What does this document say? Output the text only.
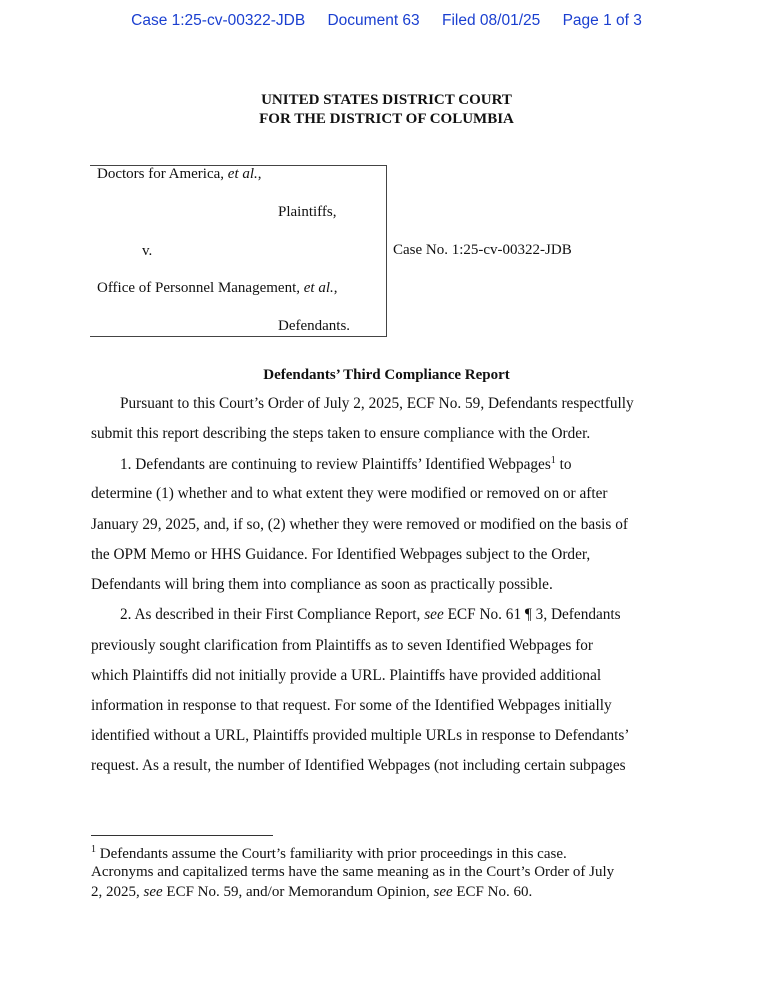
Case 1:25-cv-00322-JDB Document 63 Filed 08/01/25 Page 1 of 3
UNITED STATES DISTRICT COURT
FOR THE DISTRICT OF COLUMBIA
Doctors for America, et al.,
Plaintiffs,
v.
Office of Personnel Management, et al.,
Defendants.
Case No. 1:25-cv-00322-JDB
Defendants’ Third Compliance Report
Pursuant to this Court’s Order of July 2, 2025, ECF No. 59, Defendants respectfully
submit this report describing the steps taken to ensure compliance with the Order.
1. Defendants are continuing to review Plaintiffs’ Identified Webpages$^1$ to
determine (1) whether and to what extent they were modified or removed on or after
January 29, 2025, and, if so, (2) whether they were removed or modified on the basis of
the OPM Memo or HHS Guidance. For Identified Webpages subject to the Order,
Defendants will bring them into compliance as soon as practically possible.
2. As described in their First Compliance Report, see ECF No. 61 ¶ 3, Defendants
previously sought clarification from Plaintiffs as to seven Identified Webpages for
which Plaintiffs did not initially provide a URL. Plaintiffs have provided additional
information in response to that request. For some of the Identified Webpages initially
identified without a URL, Plaintiffs provided multiple URLs in response to Defendants’
request. As a result, the number of Identified Webpages (not including certain subpages
$^1$ Defendants assume the Court’s familiarity with prior proceedings in this case.
Acronyms and capitalized terms have the same meaning as in the Court’s Order of July
2, 2025, see ECF No. 59, and/or Memorandum Opinion, see ECF No. 60.
